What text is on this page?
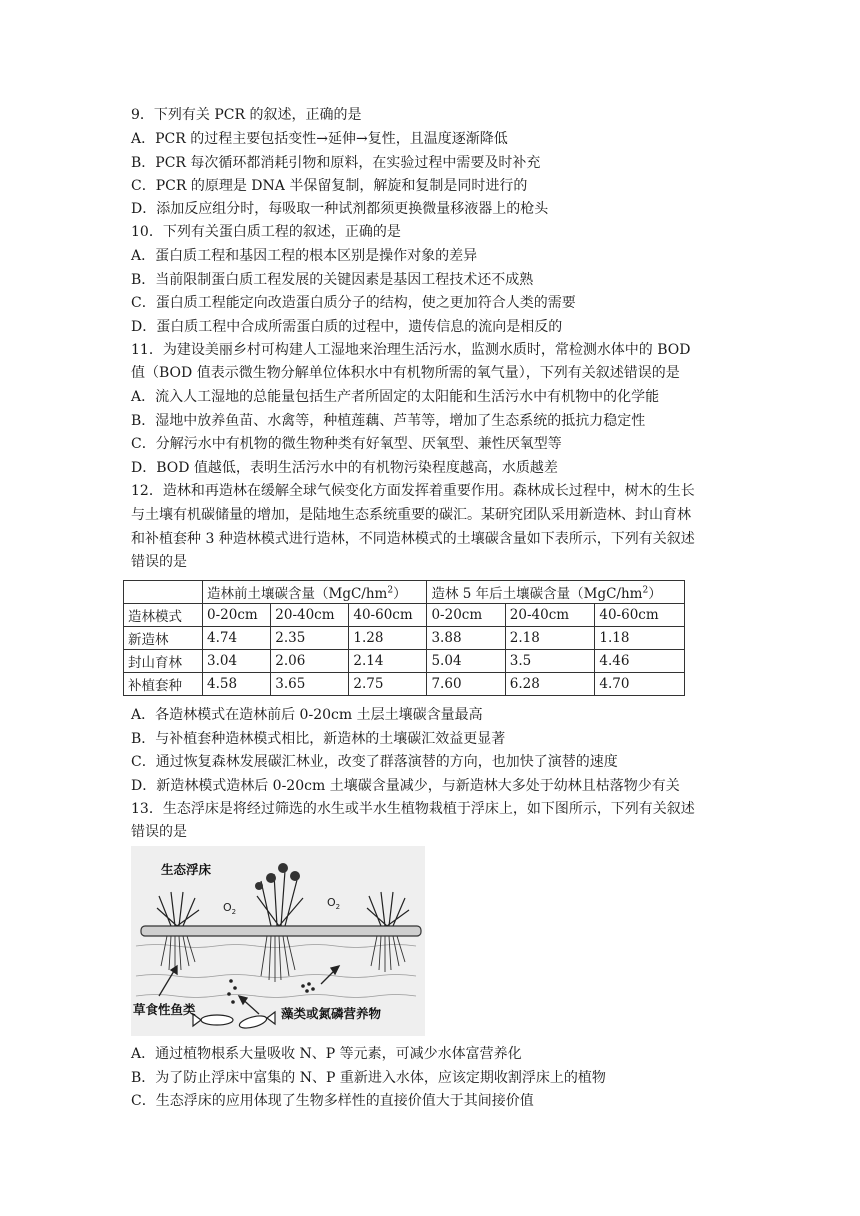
9．下列有关 PCR 的叙述，正确的是
A．PCR 的过程主要包括变性→延伸→复性，且温度逐渐降低
B．PCR 每次循环都消耗引物和原料，在实验过程中需要及时补充
C．PCR 的原理是 DNA 半保留复制，解旋和复制是同时进行的
D．添加反应组分时，每吸取一种试剂都须更换微量移液器上的枪头
10．下列有关蛋白质工程的叙述，正确的是
A．蛋白质工程和基因工程的根本区别是操作对象的差异
B．当前限制蛋白质工程发展的关键因素是基因工程技术还不成熟
C．蛋白质工程能定向改造蛋白质分子的结构，使之更加符合人类的需要
D．蛋白质工程中合成所需蛋白质的过程中，遗传信息的流向是相反的
11．为建设美丽乡村可构建人工湿地来治理生活污水，监测水质时，常检测水体中的 BOD
值（BOD 值表示微生物分解单位体积水中有机物所需的氧气量），下列有关叙述错误的是
A．流入人工湿地的总能量包括生产者所固定的太阳能和生活污水中有机物中的化学能
B．湿地中放养鱼苗、水禽等，种植莲藕、芦苇等，增加了生态系统的抵抗力稳定性
C．分解污水中有机物的微生物种类有好氧型、厌氧型、兼性厌氧型等
D．BOD 值越低，表明生活污水中的有机物污染程度越高，水质越差
12．造林和再造林在缓解全球气候变化方面发挥着重要作用。森林成长过程中，树木的生长
与土壤有机碳储量的增加，是陆地生态系统重要的碳汇。某研究团队采用新造林、封山育林
和补植套种 3 种造林模式进行造林，不同造林模式的土壤碳含量如下表所示，下列有关叙述
错误的是
	造林前土壤碳含量$(MgC/hm^2)$			造林 5 年后土壤碳含量$(MgC/hm^2)$		
造林模式	0-20cm	20-40cm	40-60cm	0-20cm	20-40cm	40-60cm
新造林	4.74	2.35	1.28	3.88	2.18	1.18
封山育林	3.04	2.06	2.14	5.04	3.5	4.46
补植套种	4.58	3.65	2.75	7.60	6.28	4.70
A．各造林模式在造林前后 0-20cm 土层土壤碳含量最高
B．与补植套种造林模式相比，新造林的土壤碳汇效益更显著
C．通过恢复森林发展碳汇林业，改变了群落演替的方向，也加快了演替的速度
D．新造林模式造林后 0-20cm 土壤碳含量减少，与新造林大多处于幼林且枯落物少有关
13．生态浮床是将经过筛选的水生或半水生植物栽植于浮床上，如下图所示，下列有关叙述
错误的是
$O_2$
$O_2$
生态浮床
草食性鱼类	藻类或氮磷营养物
A．通过植物根系大量吸收 N、P 等元素，可减少水体富营养化
B．为了防止浮床中富集的 N、P 重新进入水体，应该定期收割浮床上的植物
C．生态浮床的应用体现了生物多样性的直接价值大于其间接价值
